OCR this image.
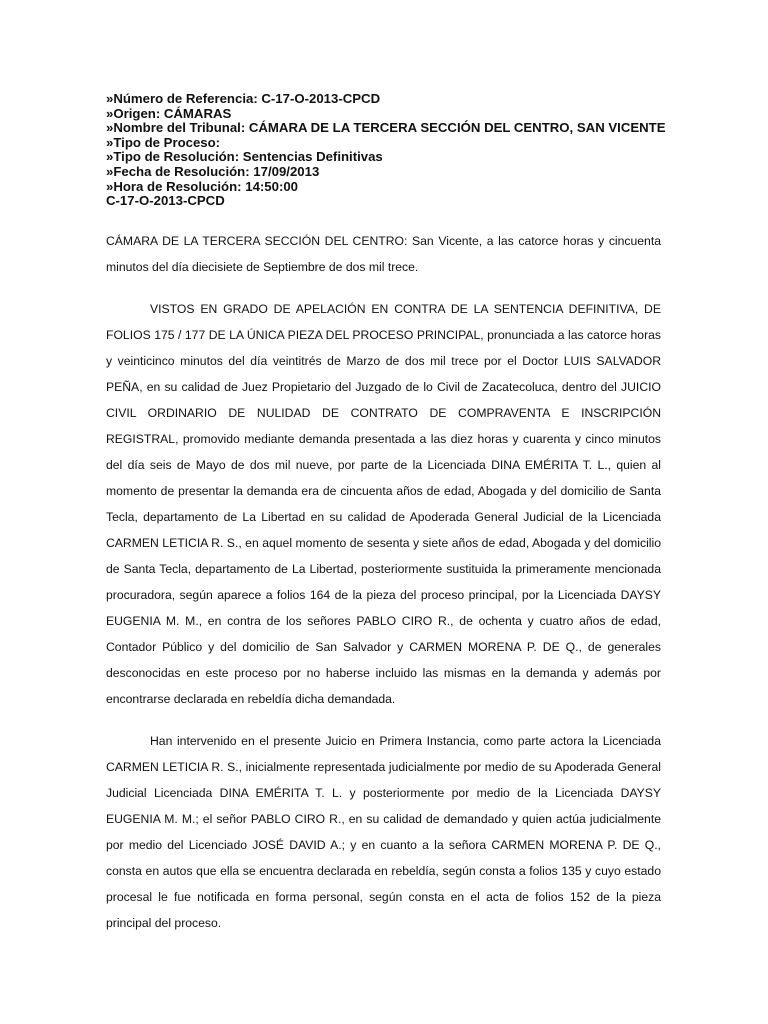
»Número de Referencia: C-17-O-2013-CPCD
»Origen: CÁMARAS
»Nombre del Tribunal: CÁMARA DE LA TERCERA SECCIÓN DEL CENTRO, SAN VICENTE
»Tipo de Proceso:
»Tipo de Resolución: Sentencias Definitivas
»Fecha de Resolución: 17/09/2013
»Hora de Resolución: 14:50:00
C-17-O-2013-CPCD

CÁMARA DE LA TERCERA SECCIÓN DEL CENTRO: San Vicente, a las catorce horas y cincuenta minutos del día diecisiete de Septiembre de dos mil trece.

VISTOS EN GRADO DE APELACIÓN EN CONTRA DE LA SENTENCIA DEFINITIVA, DE FOLIOS 175 / 177 DE LA ÚNICA PIEZA DEL PROCESO PRINCIPAL, pronunciada a las catorce horas y veinticinco minutos del día veintitrés de Marzo de dos mil trece por el Doctor LUIS SALVADOR PEÑA, en su calidad de Juez Propietario del Juzgado de lo Civil de Zacatecoluca, dentro del JUICIO CIVIL ORDINARIO DE NULIDAD DE CONTRATO DE COMPRAVENTA E INSCRIPCIÓN REGISTRAL, promovido mediante demanda presentada a las diez horas y cuarenta y cinco minutos del día seis de Mayo de dos mil nueve, por parte de la Licenciada DINA EMÉRITA T. L., quien al momento de presentar la demanda era de cincuenta años de edad, Abogada y del domicilio de Santa Tecla, departamento de La Libertad en su calidad de Apoderada General Judicial de la Licenciada CARMEN LETICIA R. S., en aquel momento de sesenta y siete años de edad, Abogada y del domicilio de Santa Tecla, departamento de La Libertad, posteriormente sustituida la primeramente mencionada procuradora, según aparece a folios 164 de la pieza del proceso principal, por la Licenciada DAYSY EUGENIA M. M., en contra de los señores PABLO CIRO R., de ochenta y cuatro años de edad, Contador Público y del domicilio de San Salvador y CARMEN MORENA P. DE Q., de generales desconocidas en este proceso por no haberse incluido las mismas en la demanda y además por encontrarse declarada en rebeldía dicha demandada.

Han intervenido en el presente Juicio en Primera Instancia, como parte actora la Licenciada CARMEN LETICIA R. S., inicialmente representada judicialmente por medio de su Apoderada General Judicial Licenciada DINA EMÉRITA T. L. y posteriormente por medio de la Licenciada DAYSY EUGENIA M. M.; el señor PABLO CIRO R., en su calidad de demandado y quien actúa judicialmente por medio del Licenciado JOSÉ DAVID A.; y en cuanto a la señora CARMEN MORENA P. DE Q., consta en autos que ella se encuentra declarada en rebeldía, según consta a folios 135 y cuyo estado procesal le fue notificada en forma personal, según consta en el acta de folios 152 de la pieza principal del proceso.
